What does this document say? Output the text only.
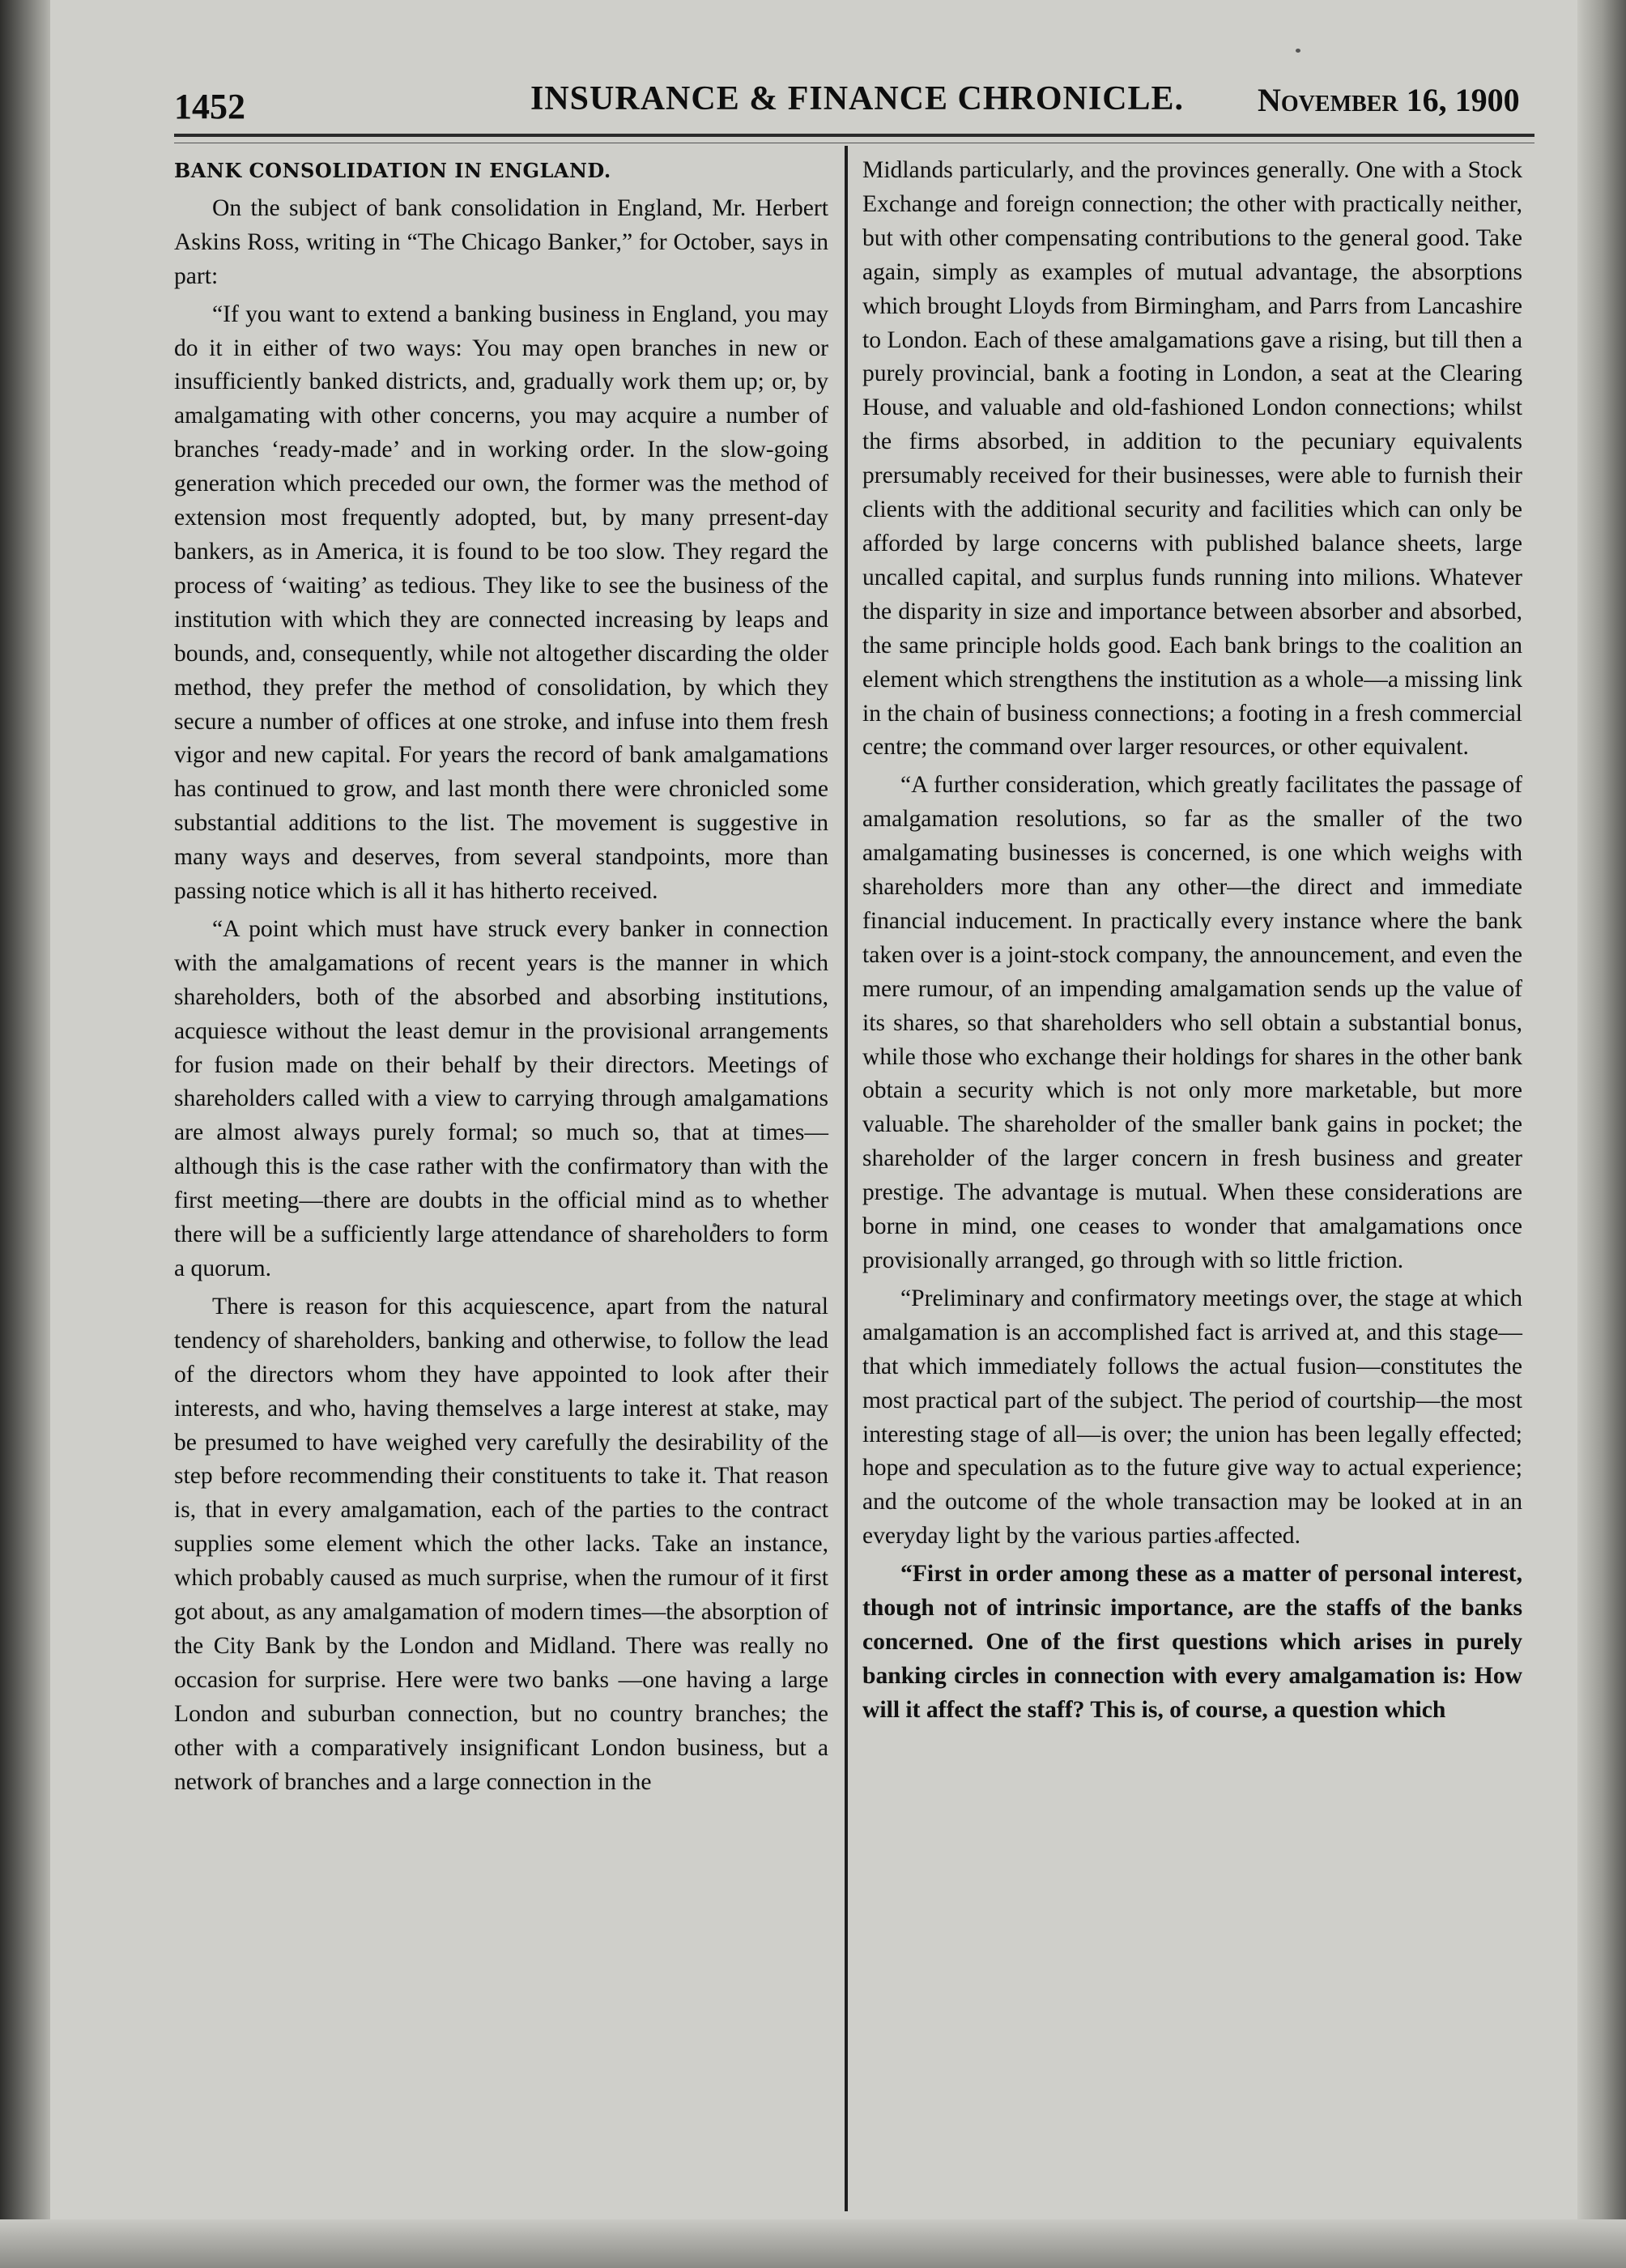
1452	INSURANCE & FINANCE CHRONICLE. November 16, 1900

BANK CONSOLIDATION IN ENGLAND.

On the subject of bank consolidation in England, Mr. Herbert Askins Ross, writing in “The Chicago Banker,” for October, says in part:

“If you want to extend a banking business in England, you may do it in either of two ways: You may open branches in new or insufficiently banked districts, and, gradually work them up; or, by amalgamating with other concerns, you may acquire a number of branches ‘ready-made’ and in working order. In the slow-going generation which preceded our own, the former was the method of extension most frequently adopted, but, by many prresent-day bankers, as in America, it is found to be too slow. They regard the process of ‘waiting’ as tedious. They like to see the business of the institution with which they are connected increasing by leaps and bounds, and, consequently, while not altogether discarding the older method, they prefer the method of consolidation, by which they secure a number of offices at one stroke, and infuse into them fresh vigor and new capital. For years the record of bank amalgamations has continued to grow, and last month there were chronicled some substantial additions to the list. The movement is suggestive in many ways and deserves, from several standpoints, more than passing notice which is all it has hitherto received.

“A point which must have struck every banker in connection with the amalgamations of recent years is the manner in which shareholders, both of the absorbed and absorbing institutions, acquiesce without the least demur in the provisional arrangements for fusion made on their behalf by their directors. Meetings of shareholders called with a view to carrying through amalgamations are almost always purely formal; so much so, that at times—although this is the case rather with the confirmatory than with the first meeting—there are doubts in the official mind as to whether there will be a sufficiently large attendance of shareholders to form a quorum.

There is reason for this acquiescence, apart from the natural tendency of shareholders, banking and otherwise, to follow the lead of the directors whom they have appointed to look after their interests, and who, having themselves a large interest at stake, may be presumed to have weighed very carefully the desirability of the step before recommending their constituents to take it. That reason is, that in every amalgamation, each of the parties to the contract supplies some element which the other lacks. Take an instance, which probably caused as much surprise, when the rumour of it first got about, as any amalgamation of modern times—the absorption of the City Bank by the London and Midland. There was really no occasion for surprise. Here were two banks —one having a large London and suburban connection, but no country branches; the other with a comparatively insignificant London business, but a network of branches and a large connection in the

Midlands particularly, and the provinces generally. One with a Stock Exchange and foreign connection; the other with practically neither, but with other compensating contributions to the general good. Take again, simply as examples of mutual advantage, the absorptions which brought Lloyds from Birmingham, and Parrs from Lancashire to London. Each of these amalgamations gave a rising, but till then a purely provincial, bank a footing in London, a seat at the Clearing House, and valuable and old-fashioned London connections; whilst the firms absorbed, in addition to the pecuniary equivalents prersumably received for their businesses, were able to furnish their clients with the additional security and facilities which can only be afforded by large concerns with published balance sheets, large uncalled capital, and surplus funds running into milions. Whatever the disparity in size and importance between absorber and absorbed, the same principle holds good. Each bank brings to the coalition an element which strengthens the institution as a whole—a missing link in the chain of business connections; a footing in a fresh commercial centre; the command over larger resources, or other equivalent.

“A further consideration, which greatly facilitates the passage of amalgamation resolutions, so far as the smaller of the two amalgamating businesses is concerned, is one which weighs with shareholders more than any other—the direct and immediate financial inducement. In practically every instance where the bank taken over is a joint-stock company, the announcement, and even the mere rumour, of an impending amalgamation sends up the value of its shares, so that shareholders who sell obtain a substantial bonus, while those who exchange their holdings for shares in the other bank obtain a security which is not only more marketable, but more valuable. The shareholder of the smaller bank gains in pocket; the shareholder of the larger concern in fresh business and greater prestige. The advantage is mutual. When these considerations are borne in mind, one ceases to wonder that amalgamations once provisionally arranged, go through with so little friction.

“Preliminary and confirmatory meetings over, the stage at which amalgamation is an accomplished fact is arrived at, and this stage—that which immediately follows the actual fusion—constitutes the most practical part of the subject. The period of courtship—the most interesting stage of all—is over; the union has been legally effected; hope and speculation as to the future give way to actual experience; and the outcome of the whole transaction may be looked at in an everyday light by the various parties affected.

“First in order among these as a matter of personal interest, though not of intrinsic importance, are the staffs of the banks concerned. One of the first questions which arises in purely banking circles in connection with every amalgamation is: How will it affect the staff? This is, of course, a question which
